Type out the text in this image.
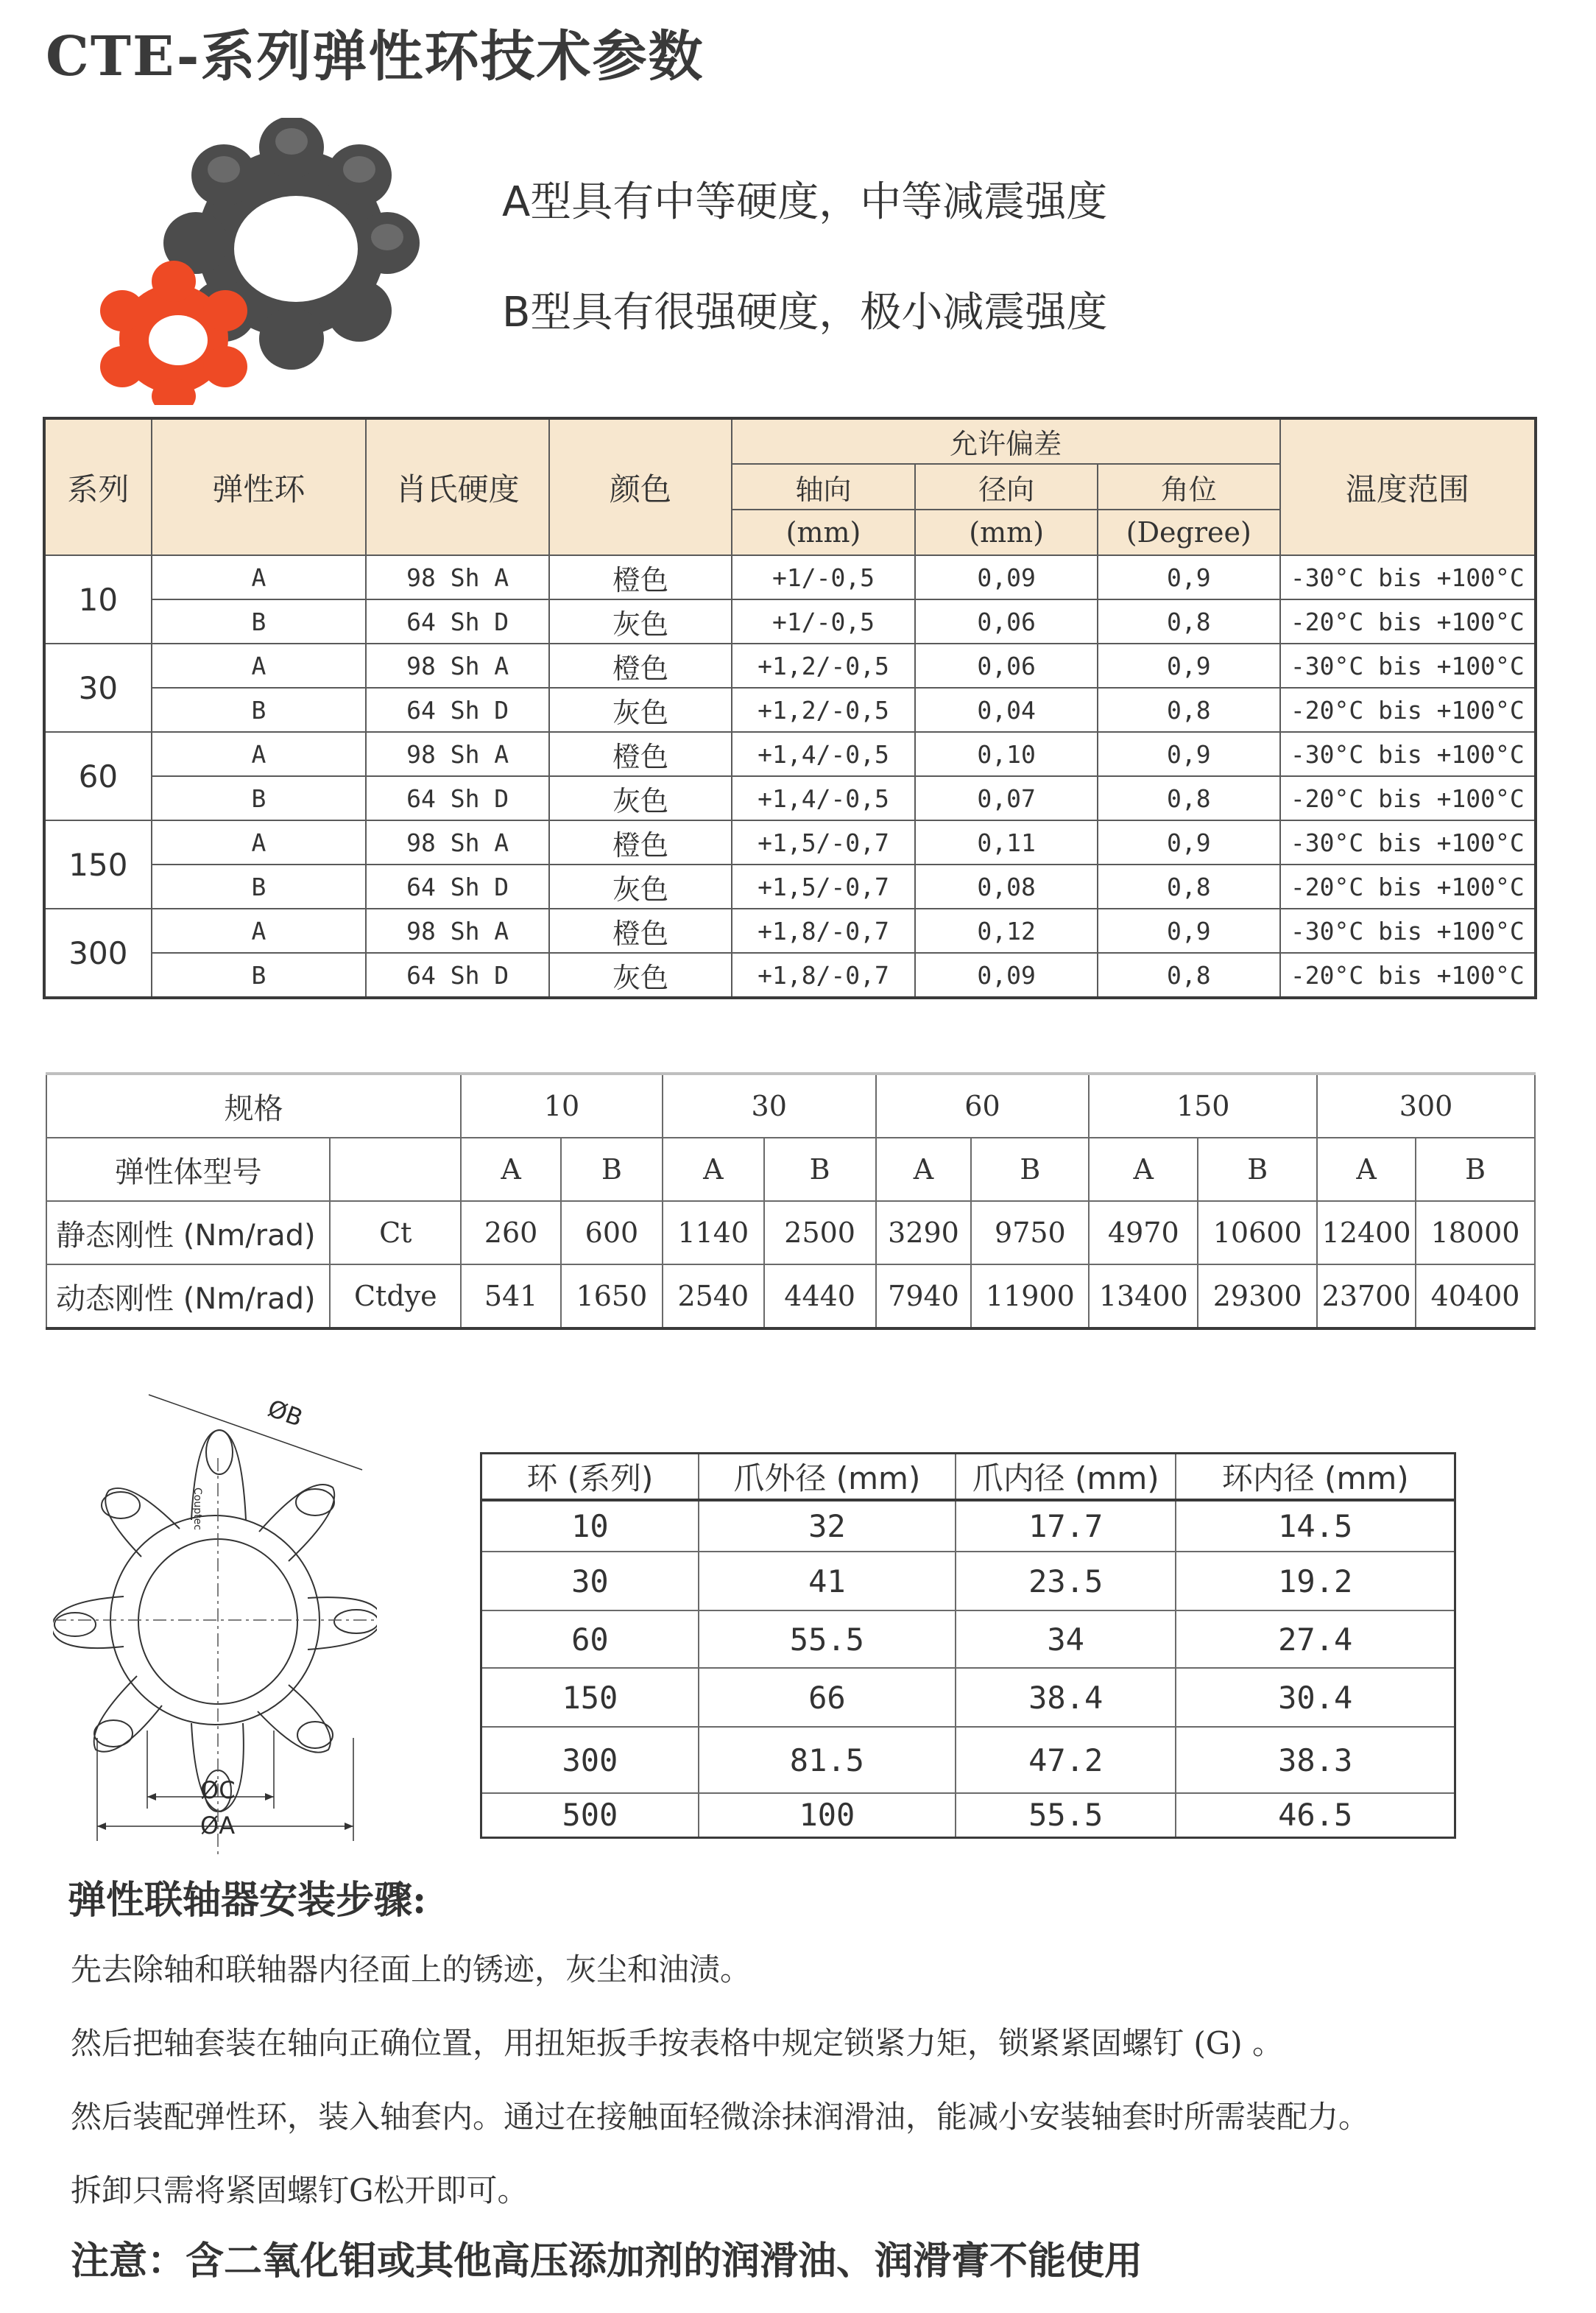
CTE-系列弹性环技术参数
A型具有中等硬度，中等减震强度
B型具有很强硬度，极小减震强度
系列	弹性环	肖氏硬度	颜色	允许偏差			温度范围
				轴向	径向	角位	
				(mm)	(mm)	(Degree)	
10	A	98 Sh A	橙色	+1/-0,5	0,09	0,9	-30°C bis +100°C
	B	64 Sh D	灰色	+1/-0,5	0,06	0,8	-20°C bis +100°C
30	A	98 Sh A	橙色	+1,2/-0,5	0,06	0,9	-30°C bis +100°C
	B	64 Sh D	灰色	+1,2/-0,5	0,04	0,8	-20°C bis +100°C
60	A	98 Sh A	橙色	+1,4/-0,5	0,10	0,9	-30°C bis +100°C
	B	64 Sh D	灰色	+1,4/-0,5	0,07	0,8	-20°C bis +100°C
150	A	98 Sh A	橙色	+1,5/-0,7	0,11	0,9	-30°C bis +100°C
	B	64 Sh D	灰色	+1,5/-0,7	0,08	0,8	-20°C bis +100°C
300	A	98 Sh A	橙色	+1,8/-0,7	0,12	0,9	-30°C bis +100°C
	B	64 Sh D	灰色	+1,8/-0,7	0,09	0,8	-20°C bis +100°C
规格		10		30		60		150		300	
弹性体型号		A	B	A	B	A	B	A	B	A	B
静态刚性 (Nm/rad)	Ct	260	600	1140	2500	3290	9750	4970	10600	12400	18000
动态刚性 (Nm/rad)	Ctdye	541	1650	2540	4440	7940	11900	13400	29300	23700	40400
ØB
ØC
ØA
Couptec
环 (系列)	爪外径 (mm)	爪内径 (mm)	环内径 (mm)
10	32	17.7	14.5
30	41	23.5	19.2
60	55.5	34	27.4
150	66	38.4	30.4
300	81.5	47.2	38.3
500	100	55.5	46.5
弹性联轴器安装步骤:
先去除轴和联轴器内径面上的锈迹，灰尘和油渍。
然后把轴套装在轴向正确位置，用扭矩扳手按表格中规定锁紧力矩，锁紧紧固螺钉 (G) 。
然后装配弹性环，装入轴套内。通过在接触面轻微涂抹润滑油，能减小安装轴套时所需装配力。
拆卸只需将紧固螺钉G松开即可。
注意：含二氧化钼或其他高压添加剂的润滑油、润滑膏不能使用
